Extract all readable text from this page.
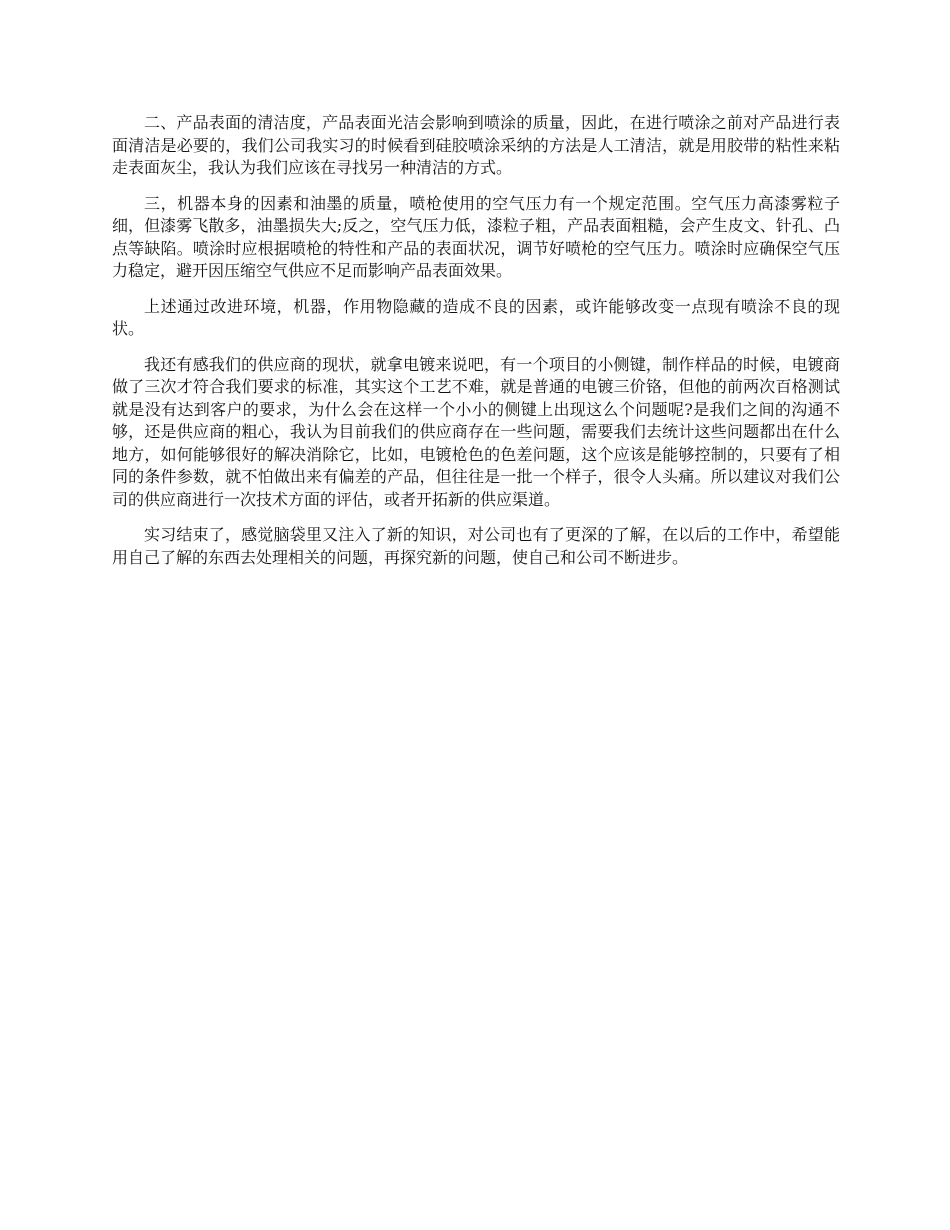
二、产品表面的清洁度，产品表面光洁会影响到喷涂的质量，因此，在进行喷涂之前对产品进行表面清洁是必要的，我们公司我实习的时候看到硅胶喷涂采纳的方法是人工清洁，就是用胶带的粘性来粘走表面灰尘，我认为我们应该在寻找另一种清洁的方式。

三，机器本身的因素和油墨的质量，喷枪使用的空气压力有一个规定范围。空气压力高漆雾粒子细，但漆雾飞散多，油墨损失大;反之，空气压力低，漆粒子粗，产品表面粗糙，会产生皮文、针孔、凸点等缺陷。喷涂时应根据喷枪的特性和产品的表面状况，调节好喷枪的空气压力。喷涂时应确保空气压力稳定，避开因压缩空气供应不足而影响产品表面效果。

上述通过改进环境，机器，作用物隐藏的造成不良的因素，或许能够改变一点现有喷涂不良的现状。

我还有感我们的供应商的现状，就拿电镀来说吧，有一个项目的小侧键，制作样品的时候，电镀商做了三次才符合我们要求的标准，其实这个工艺不难，就是普通的电镀三价铬，但他的前两次百格测试就是没有达到客户的要求，为什么会在这样一个小小的侧键上出现这么个问题呢?是我们之间的沟通不够，还是供应商的粗心，我认为目前我们的供应商存在一些问题，需要我们去统计这些问题都出在什么地方，如何能够很好的解决消除它，比如，电镀枪色的色差问题，这个应该是能够控制的，只要有了相同的条件参数，就不怕做出来有偏差的产品，但往往是一批一个样子，很令人头痛。所以建议对我们公司的供应商进行一次技术方面的评估，或者开拓新的供应渠道。

实习结束了，感觉脑袋里又注入了新的知识，对公司也有了更深的了解，在以后的工作中，希望能用自己了解的东西去处理相关的问题，再探究新的问题，使自己和公司不断进步。
